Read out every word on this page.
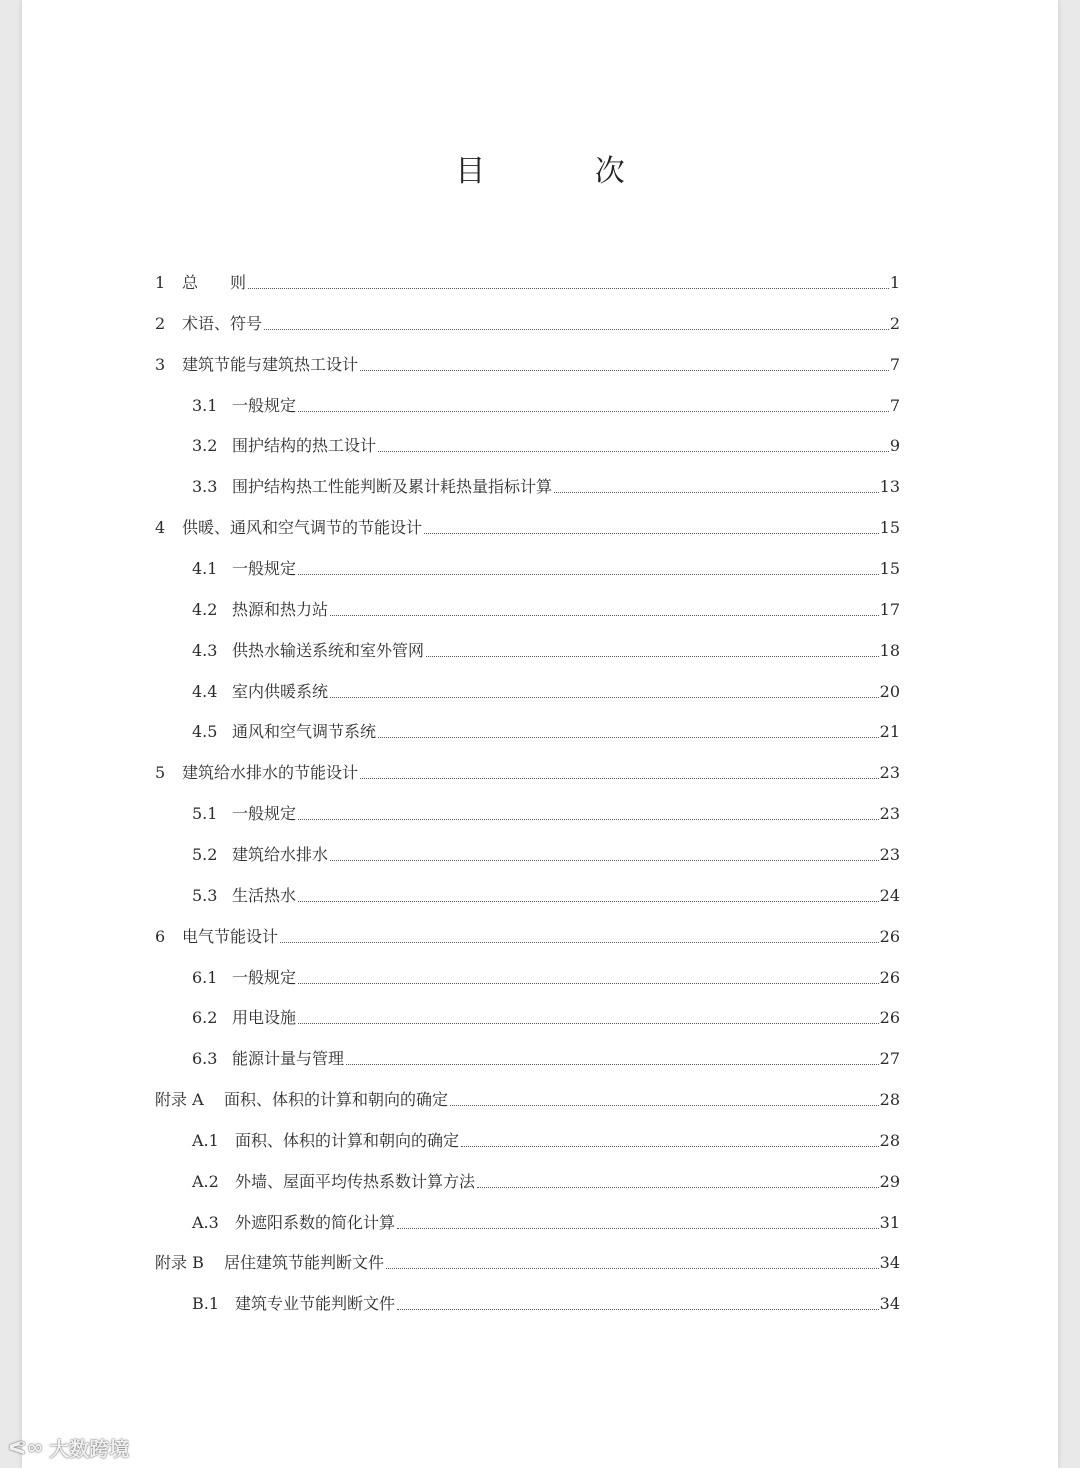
目 次
1	总　　则	1
2	术语、符号	2
3	建筑节能与建筑热工设计	7
3.1 一般规定	7
3.2 围护结构的热工设计	9
3.3 围护结构热工性能判断及累计耗热量指标计算	13
4	供暖、通风和空气调节的节能设计	15
4.1 一般规定	15
4.2 热源和热力站	17
4.3 供热水输送系统和室外管网	18
4.4 室内供暖系统	20
4.5 通风和空气调节系统	21
5	建筑给水排水的节能设计	23
5.1 一般规定	23
5.2 建筑给水排水	23
5.3 生活热水	24
6	电气节能设计	26
6.1 一般规定	26
6.2 用电设施	26
6.3 能源计量与管理	27
附录 A	面积、体积的计算和朝向的确定	28
A.1	面积、体积的计算和朝向的确定	28
A.2	外墙、屋面平均传热系数计算方法	29
A.3	外遮阳系数的简化计算	31
附录 B	居住建筑节能判断文件	34
B.1 建筑专业节能判断文件	34
ᕙ∞ 大数跨境
